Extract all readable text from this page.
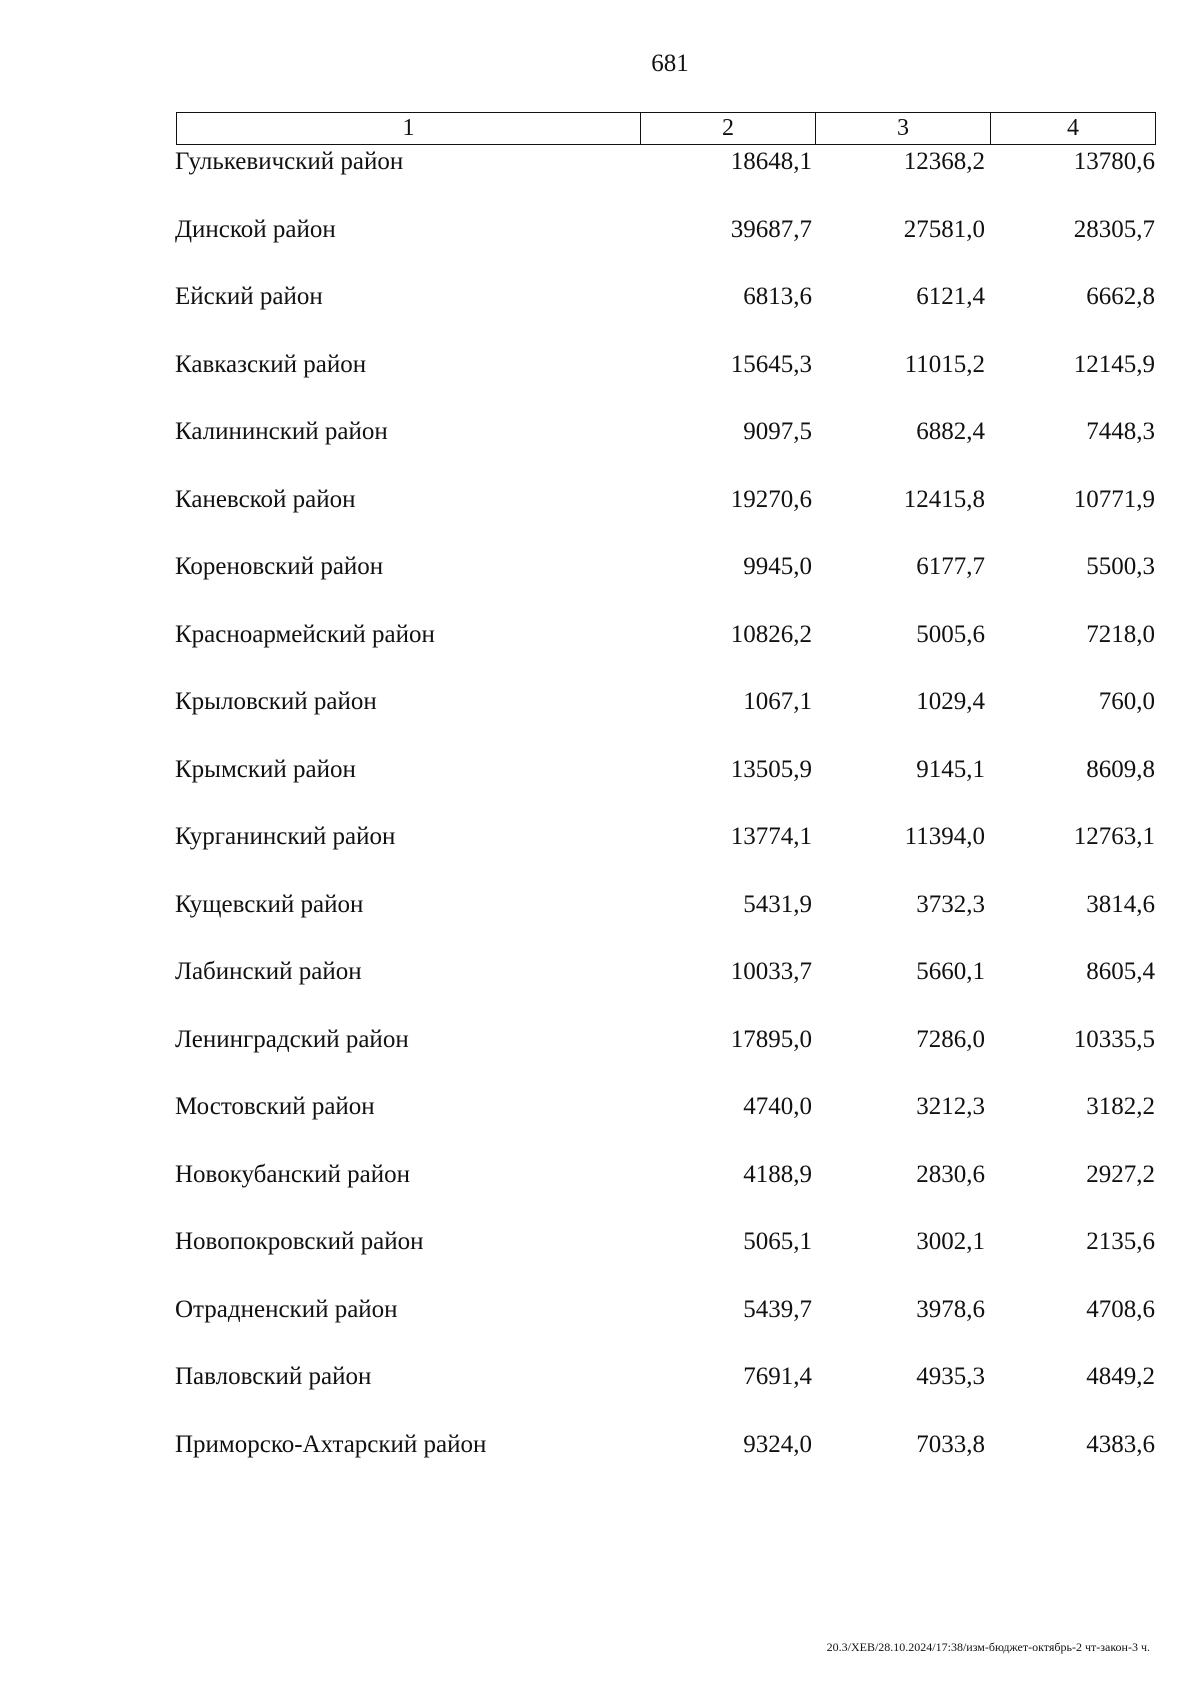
681
1	2	3	4
Гулькевичский район	18648,1	12368,2	13780,6
Динской район	39687,7	27581,0	28305,7
Ейский район	6813,6	6121,4	6662,8
Кавказский район	15645,3	11015,2	12145,9
Калининский район	9097,5	6882,4	7448,3
Каневской район	19270,6	12415,8	10771,9
Кореновский район	9945,0	6177,7	5500,3
Красноармейский район	10826,2	5005,6	7218,0
Крыловский район	1067,1	1029,4	760,0
Крымский район	13505,9	9145,1	8609,8
Курганинский район	13774,1	11394,0	12763,1
Кущевский район	5431,9	3732,3	3814,6
Лабинский район	10033,7	5660,1	8605,4
Ленинградский район	17895,0	7286,0	10335,5
Мостовский район	4740,0	3212,3	3182,2
Новокубанский район	4188,9	2830,6	2927,2
Новопокровский район	5065,1	3002,1	2135,6
Отрадненский район	5439,7	3978,6	4708,6
Павловский район	7691,4	4935,3	4849,2
Приморско-Ахтарский район	9324,0	7033,8	4383,6
20.3/ХЕВ/28.10.2024/17:38/изм-бюджет-октябрь-2 чт-закон-3 ч.
